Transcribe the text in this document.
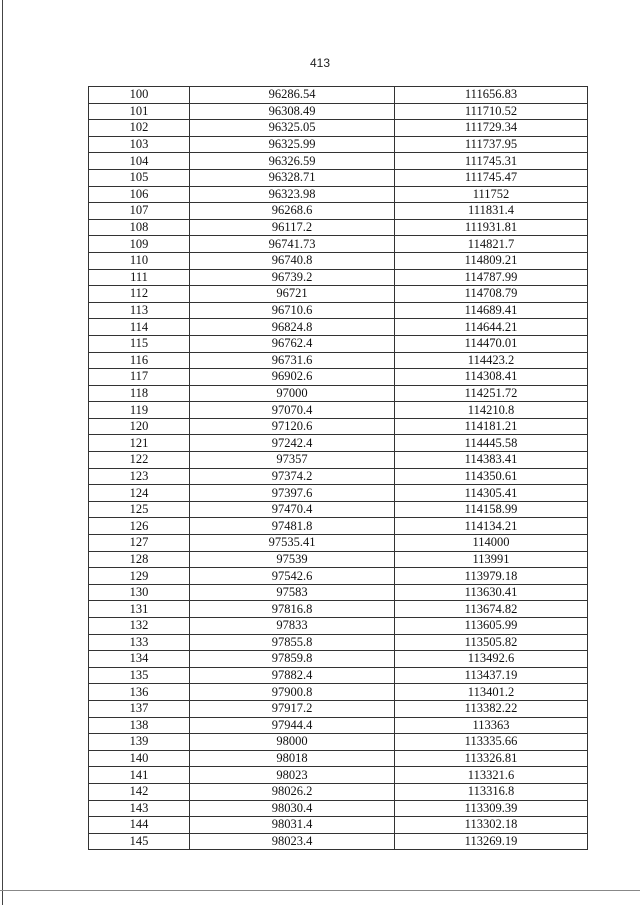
413
100	96286.54	111656.83
101	96308.49	111710.52
102	96325.05	111729.34
103	96325.99	111737.95
104	96326.59	111745.31
105	96328.71	111745.47
106	96323.98	111752
107	96268.6	111831.4
108	96117.2	111931.81
109	96741.73	114821.7
110	96740.8	114809.21
111	96739.2	114787.99
112	96721	114708.79
113	96710.6	114689.41
114	96824.8	114644.21
115	96762.4	114470.01
116	96731.6	114423.2
117	96902.6	114308.41
118	97000	114251.72
119	97070.4	114210.8
120	97120.6	114181.21
121	97242.4	114445.58
122	97357	114383.41
123	97374.2	114350.61
124	97397.6	114305.41
125	97470.4	114158.99
126	97481.8	114134.21
127	97535.41	114000
128	97539	113991
129	97542.6	113979.18
130	97583	113630.41
131	97816.8	113674.82
132	97833	113605.99
133	97855.8	113505.82
134	97859.8	113492.6
135	97882.4	113437.19
136	97900.8	113401.2
137	97917.2	113382.22
138	97944.4	113363
139	98000	113335.66
140	98018	113326.81
141	98023	113321.6
142	98026.2	113316.8
143	98030.4	113309.39
144	98031.4	113302.18
145	98023.4	113269.19
